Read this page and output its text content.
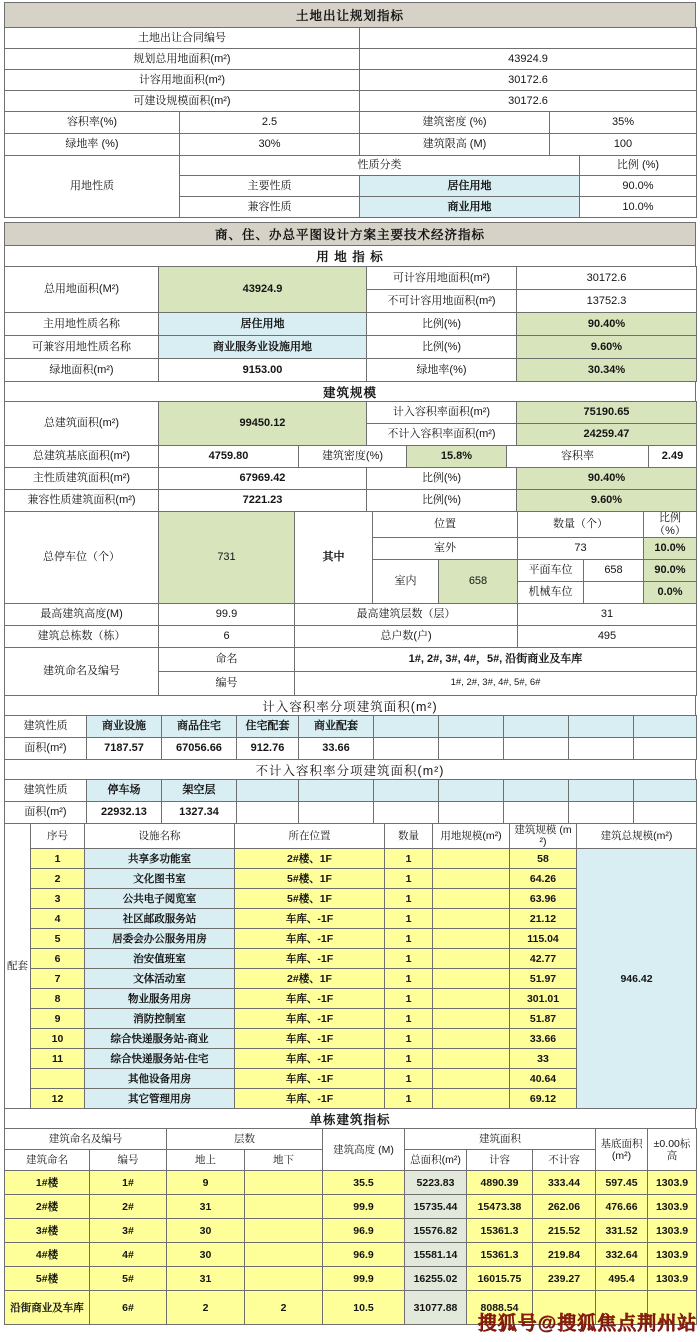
土地出让规划指标
土地出让合同编号			
规划总用地面积(m²)		43924.9	
计容用地面积(m²)		30172.6	
可建设规模面积(m²)		30172.6	
容积率(%)	2.5	建筑密度 (%)	35%
绿地率 (%)	30%	建筑限高 (M)	100
用地性质	性质分类		比例 (%)
	主要性质	居住用地	90.0%
	兼容性质	商业用地	10.0%
商、住、办总平图设计方案主要技术经济指标
用 地 指 标
总用地面积(M²)	43924.9	可计容用地面积(m²)	30172.6
		不可计容用地面积(m²)	13752.3
主用地性质名称	居住用地	比例(%)	90.40%
可兼容用地性质名称	商业服务业设施用地	比例(%)	9.60%
绿地面积(m²)	9153.00	绿地率(%)	30.34%
建筑规模
总建筑面积(m²)	99450.12	计入容积率面积(m²)	75190.65
		不计入容积率面积(m²)	24259.47
总建筑基底面积(m²)	4759.80	建筑密度(%)	15.8%	容积率	2.49
主性质建筑面积(m²)	67969.42	比例(%)	90.40%
兼容性质建筑面积(m²)	7221.23	比例(%)	9.60%
总停车位（个）	731	其中	位置		数量（个）		比例（%）
			室外		73		10.0%
			室内	658	平面车位	658	90.0%
					机械车位		0.0%
最高建筑高度(M)	99.9	最高建筑层数（层）	31
建筑总栋数（栋）	6	总户数(户)	495
建筑命名及编号	命名	1#, 2#, 3#, 4#，5#, 沿街商业及车库
	编号	1#, 2#, 3#, 4#, 5#, 6#
计入容积率分项建筑面积(m²)
建筑性质	商业设施	商品住宅	住宅配套	商业配套					
面积(m²)	7187.57	67056.66	912.76	33.66					
不计入容积率分项建筑面积(m²)
建筑性质	停车场	架空层							
面积(m²)	22932.13	1327.34							
配套	序号	设施名称	所在位置	数量	用地规模(m²)	建筑规模 (m²)	建筑总规模(m²)
	1	共享多功能室	2#楼、1F	1		58	946.42
	2	文化图书室	5#楼、1F	1		64.26	
	3	公共电子阅览室	5#楼、1F	1		63.96	
	4	社区邮政服务站	车库、-1F	1		21.12	
	5	居委会办公服务用房	车库、-1F	1		115.04	
	6	治安值班室	车库、-1F	1		42.77	
	7	文体活动室	2#楼、1F	1		51.97	
	8	物业服务用房	车库、-1F	1		301.01	
	9	消防控制室	车库、-1F	1		51.87	
	10	综合快递服务站-商业	车库、-1F	1		33.66	
	11	综合快递服务站-住宅	车库、-1F	1		33	
		其他设备用房	车库、-1F	1		40.64	
	12	其它管理用房	车库、-1F	1		69.12	
单栋建筑指标
建筑命名及编号		层数		建筑高度 (M)	建筑面积			基底面积(m²)	±0.00标高
建筑命名	编号	地上	地下		总面积(m²)	计容	不计容		
1#楼	1#	9		35.5	5223.83	4890.39	333.44	597.45	1303.9
2#楼	2#	31		99.9	15735.44	15473.38	262.06	476.66	1303.9
3#楼	3#	30		96.9	15576.82	15361.3	215.52	331.52	1303.9
4#楼	4#	30		96.9	15581.14	15361.3	219.84	332.64	1303.9
5#楼	5#	31		99.9	16255.02	16015.75	239.27	495.4	1303.9
沿街商业及车库	6#	2	2	10.5	31077.88	8088.54			
搜狐号@搜狐焦点荆州站
